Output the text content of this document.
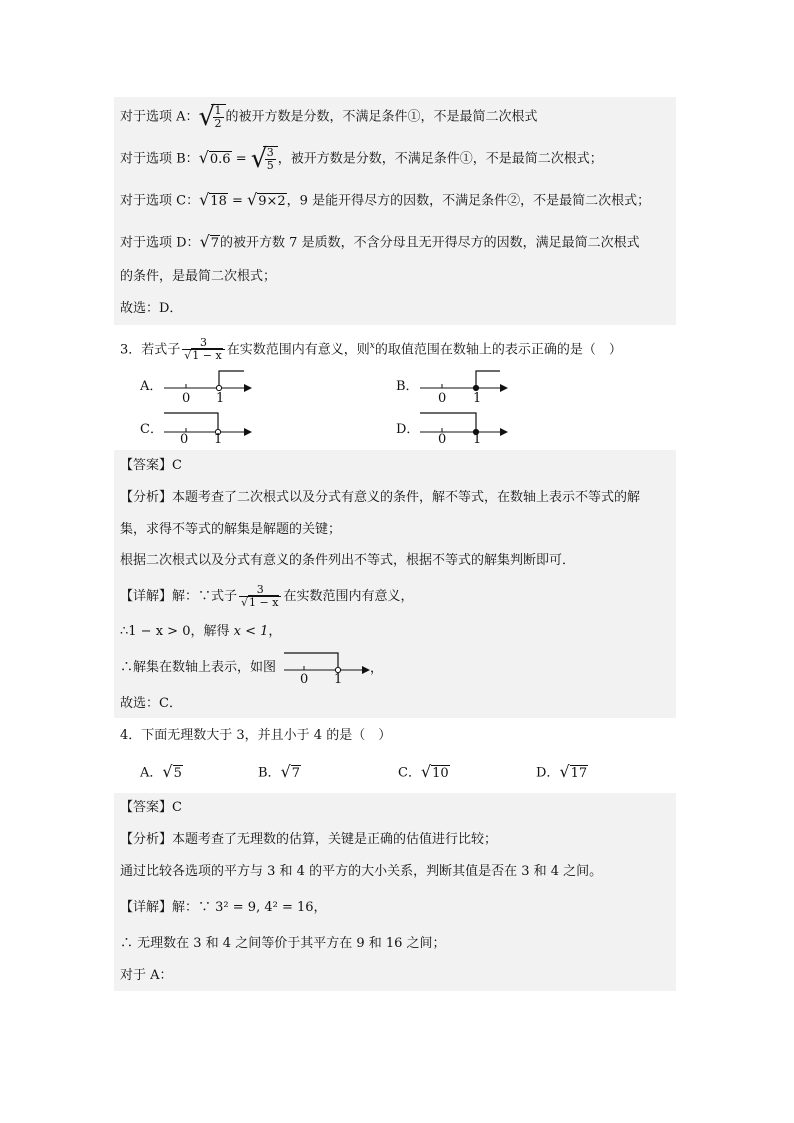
对于选项 A： √
$\frac{1}{2}$ 的被开方数是分数，不满足条件①，不是最简二次根式
对于选项 B：√0.6 = √
$\frac{3}{5}$ ，被开方数是分数，不满足条件①，不是最简二次根式；
对于选项 C：√18 = √9×2，9 是能开得尽方的因数，不满足条件②，不是最简二次根式；
对于选项 D：√7的被开方数 7 是质数，不含分母且无开得尽方的因数，满足最简二次根式
的条件，是最简二次根式；
故选：D．
3．若式子 $\frac{3}{√1 - x}$ 在实数范围内有意义，则$^x$的取值范围在数轴上的表示正确的是（　）
A．
0 1
B．
0 1
C．
0 1
D．
0 1
【答案】C
【分析】本题考查了二次根式以及分式有意义的条件，解不等式，在数轴上表示不等式的解
集，求得不等式的解集是解题的关键；
根据二次根式以及分式有意义的条件列出不等式，根据不等式的解集判断即可．
【详解】解：∵式子 $\frac{3}{√1 - x}$ 在实数范围内有意义，
∴1 − x > 0，解得 x < 1，
∴解集在数轴上表示，如图
0 1
，
故选：C．
4．下面无理数大于 3，并且小于 4 的是（　）
A．√5	B．√7	C．√10	D．√17
【答案】C
【分析】本题考查了无理数的估算，关键是正确的估值进行比较；
通过比较各选项的平方与 3 和 4 的平方的大小关系，判断其值是否在 3 和 4 之间。
【详解】解：∵ 3² = 9, 4² = 16，
∴ 无理数在 3 和 4 之间等价于其平方在 9 和 16 之间；
对于 A：
